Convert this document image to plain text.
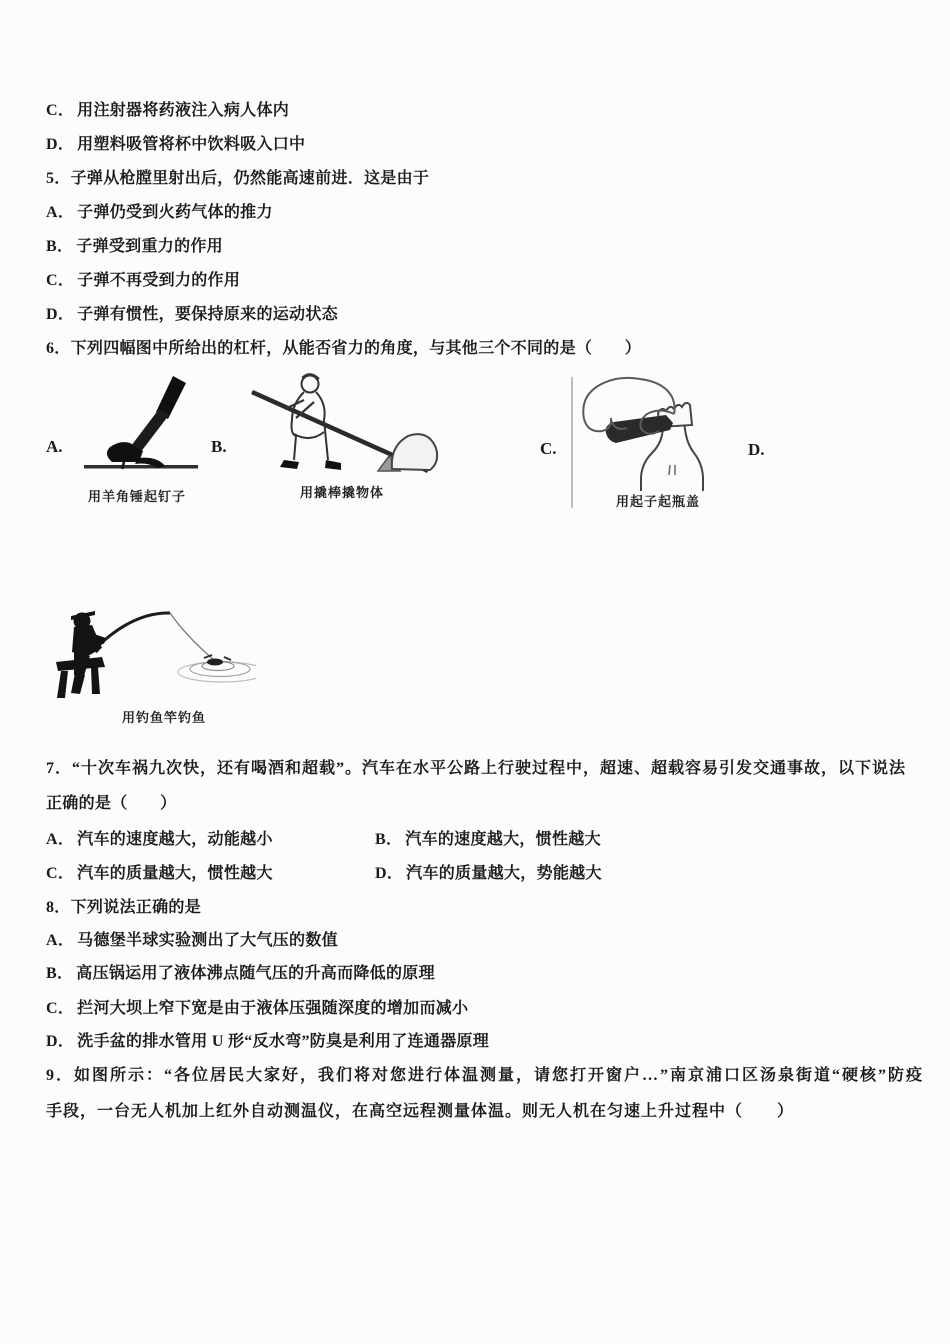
C． 用注射器将药液注入病人体内
D． 用塑料吸管将杯中饮料吸入口中
5．子弹从枪膛里射出后，仍然能高速前进．这是由于
A． 子弹仍受到火药气体的推力
B． 子弹受到重力的作用
C． 子弹不再受到力的作用
D． 子弹有惯性，要保持原来的运动状态
6．下列四幅图中所给出的杠杆，从能否省力的角度，与其他三个不同的是（　　）
A.
用羊角锤起钉子
B.
用撬棒撬物体
C.
用起子起瓶盖
D.
用钓鱼竿钓鱼
7．“十次车祸九次快，还有喝酒和超载”。汽车在水平公路上行驶过程中，超速、超载容易引发交通事故，以下说法
正确的是（　　）
A． 汽车的速度越大，动能越小	B． 汽车的速度越大，惯性越大
C． 汽车的质量越大，惯性越大	D． 汽车的质量越大，势能越大
8．下列说法正确的是
A． 马德堡半球实验测出了大气压的数值
B． 高压锅运用了液体沸点随气压的升高而降低的原理
C． 拦河大坝上窄下宽是由于液体压强随深度的增加而减小
D． 洗手盆的排水管用 U 形“反水弯”防臭是利用了连通器原理
9．如图所示：“各位居民大家好，我们将对您进行体温测量，请您打开窗户…”南京浦口区汤泉街道“硬核”防疫
手段，一台无人机加上红外自动测温仪，在高空远程测量体温。则无人机在匀速上升过程中（　　）
